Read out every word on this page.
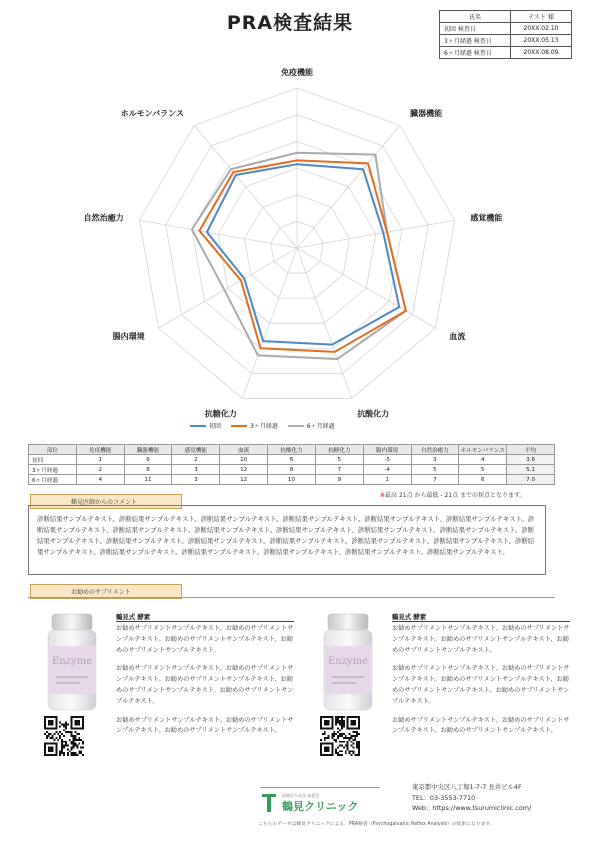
PRA検査結果	氏名	テスト 様
初回 検査日	20XX.02.10
3ヶ月経過 検査日	20XX.05.13
6ヶ月経過 検査日	20XX.08.09
免疫機能
臓器機能
感覚機能
血流
抗酸化力
抗糖化力
腸内環境
自然治癒力
ホルモンバランス
初回	3ヶ月経過	6ヶ月経過
部位	免疫機能	臓器機能	感覚機能	血流	抗酸化力	抗糖化力	腸内環境	自然治癒力	ホルモンバランス	平均
初回	1	6	2	10	6	5	-5	3	4	3.6
3ヶ月経過	2	8	3	12	8	7	-4	5	5	5.1
6ヶ月経過	4	11	3	12	10	9	1	7	6	7.0
※最高 21点 から最低 - 21点 までの採点となります。
鶴見医師からのコメント
診断結果サンプルテキスト。診断結果サンプルテキスト。診断結果サンプルテキスト。診断結果サンプルテキスト。診断結果サンプルテキスト、診断結果サンプルテキスト。診断結果サンプルテキスト、診断結果サンプルテキスト。診断結果サンプルテキスト。診断結果サンプルテキスト、診断結果サンプルテキスト。診断結果サンプルテキスト。診断結果サンプルテキスト。診断結果サンプルテキスト。診断結果サンプルテキスト。診断結果サンプルテキスト。診断結果サンプルテキスト。診断結果サンプルテキスト。診断結果サンプルテキスト。診断結果サンプルテキスト。診断結果サンプルテキスト。診断結果サンプルテキスト、診断結果サンプルテキスト。診断結果サンプルテキスト。
お勧めのサプリメント
Enzyme
鶴見式 酵素

お勧めサプリメントサンプルテキスト。お勧めのサプリメントサンプルテキスト。お勧めのサプリメントサンプルテキスト、お勧めのサプリメントサンプルテキスト。

お勧めサプリメントサンプルテキスト。お勧めのサプリメントサンプルテキスト。お勧めのサプリメントサンプルテキスト、お勧めのサプリメントサンプルテキスト。お勧めのサプリメントサンプルテキスト。

お勧めサプリメントサンプルテキスト。お勧めのサプリメントサンプルテキスト。お勧めのサプリメントサンプルテキスト。

Enzyme
鶴見式 酵素

お勧めサプリメントサンプルテキスト。お勧めのサプリメントサンプルテキスト。お勧めのサプリメントサンプルテキスト、お勧めのサプリメントサンプルテキスト。

お勧めサプリメントサンプルテキスト。お勧めのサプリメントサンプルテキスト。お勧めのサプリメントサンプルテキスト、お勧めのサプリメントサンプルテキスト。お勧めのサプリメントサンプルテキスト。

お勧めサプリメントサンプルテキスト。お勧めのサプリメントサンプルテキスト。お勧めのサプリメントサンプルテキスト。

医療法人社団 森愛会
鶴見クリニック
東京都中央区八丁堀1-7-7 長井ビル4F
TEL：03-3553-7710
Web：https://www.tsurumiclinic.com/
こちらのデータは鶴見クリニックによる、PRA検査（Psychogalvanic Reflex Analysis）の結果になります。
